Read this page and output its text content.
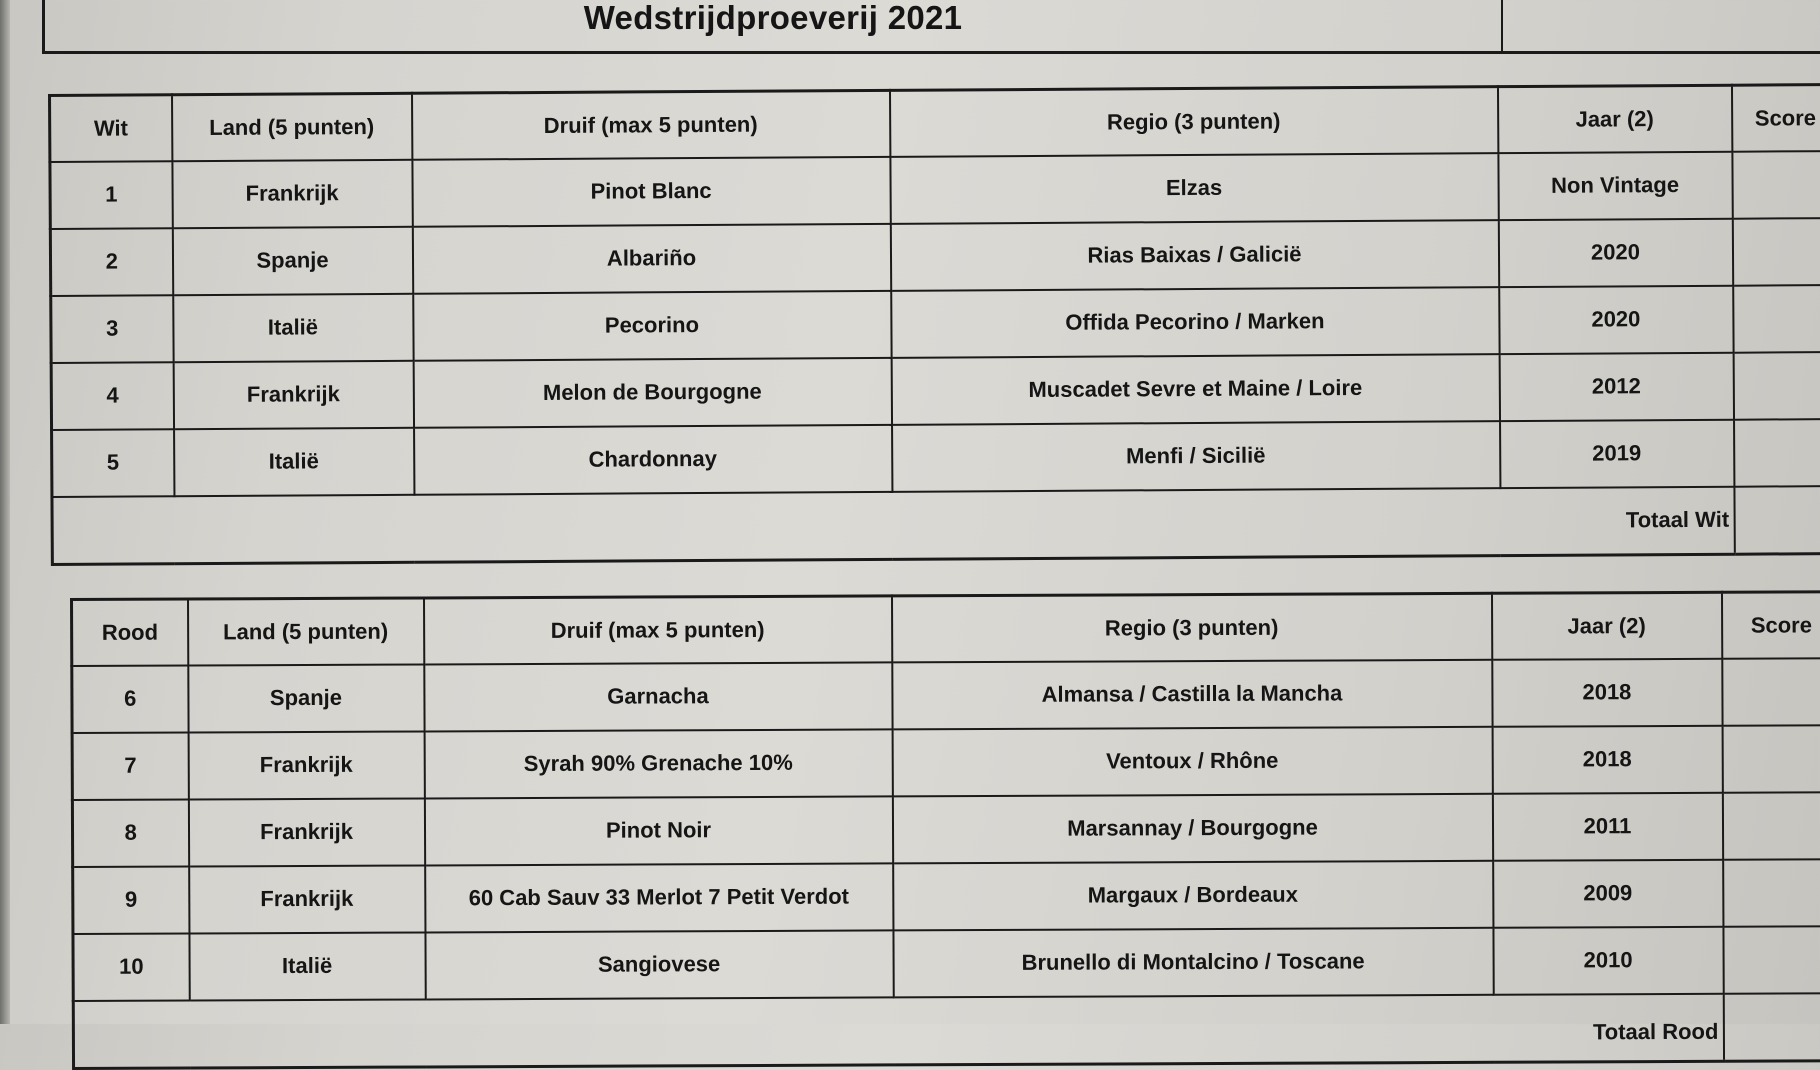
Wedstrijdproeverij 2021
Wit	Land (5 punten)	Druif (max 5 punten)	Regio (3 punten)	Jaar (2)	Score
1	Frankrijk	Pinot Blanc	Elzas	Non Vintage	
2	Spanje	Albariño	Rias Baixas / Galicië	2020	
3	Italië	Pecorino	Offida Pecorino / Marken	2020	
4	Frankrijk	Melon de Bourgogne	Muscadet Sevre et Maine / Loire	2012	
5	Italië	Chardonnay	Menfi / Sicilië	2019	
Totaal Wit					
Rood	Land (5 punten)	Druif (max 5 punten)	Regio (3 punten)	Jaar (2)	Score
6	Spanje	Garnacha	Almansa / Castilla la Mancha	2018	
7	Frankrijk	Syrah 90% Grenache 10%	Ventoux / Rhône	2018	
8	Frankrijk	Pinot Noir	Marsannay / Bourgogne	2011	
9	Frankrijk	60 Cab Sauv 33 Merlot 7 Petit Verdot	Margaux / Bordeaux	2009	
10	Italië	Sangiovese	Brunello di Montalcino / Toscane	2010	
Totaal Rood					
